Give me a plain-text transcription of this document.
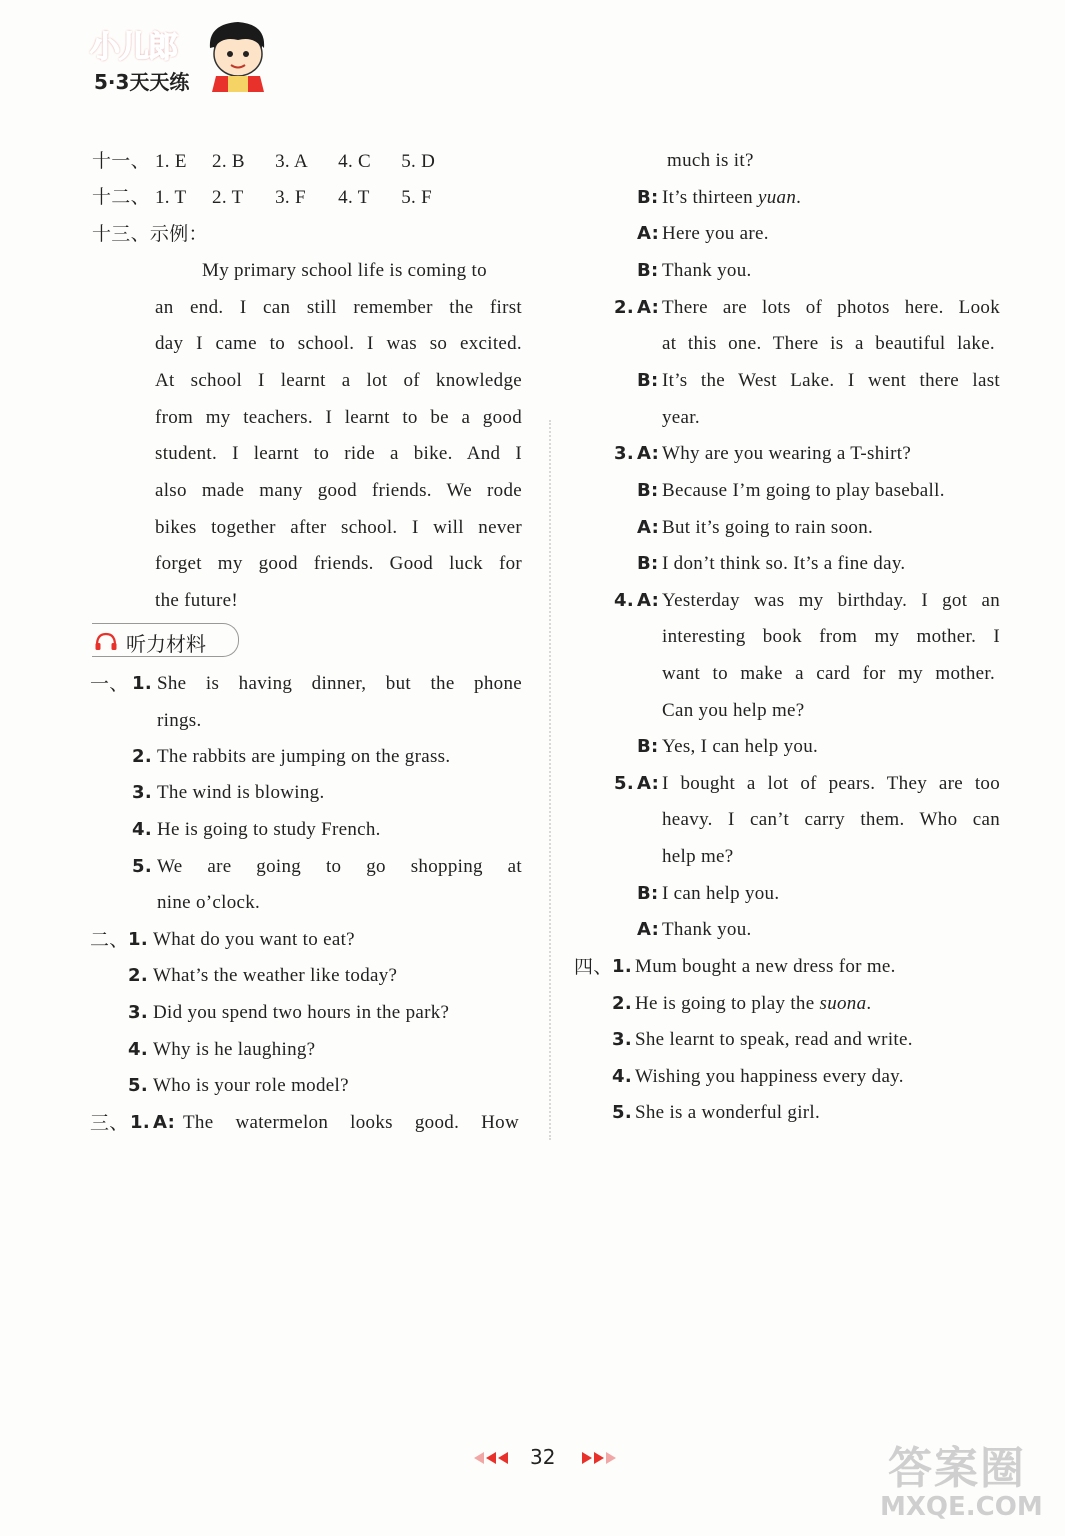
小儿郎
5·3天天练
十一、 1. E 2. B 3. A 4. C 5. D
十二、 1. T 2. T 3. F 4. T 5. F
十三、示例：
My primary school life is coming to
an end. I can still remember the first
day I came to school. I was so excited.
At school I learnt a lot of knowledge
from my teachers. I learnt to be a good
student. I learnt to ride a bike. And I
also made many good friends. We rode
bikes together after school. I will never
forget my good friends. Good luck for
the future!
听力材料
一、 1. She is having dinner, but the phone
rings.
2. The rabbits are jumping on the grass.
3. The wind is blowing.
4. He is going to study French.
5. We are going to go shopping at
nine o’clock.
二、 1. What do you want to eat?
2. What’s the weather like today?
3. Did you spend two hours in the park?
4. Why is he laughing?
5. Who is your role model?
三、 1. A: The watermelon looks good. How
much is it?
B: It’s thirteen yuan.
A: Here you are.
B: Thank you.
2. A: There are lots of photos here. Look
at this one. There is a beautiful lake.
B: It’s the West Lake. I went there last
year.
3. A: Why are you wearing a T-shirt?
B: Because I’m going to play baseball.
A: But it’s going to rain soon.
B: I don’t think so. It’s a fine day.
4. A: Yesterday was my birthday. I got an
interesting book from my mother. I
want to make a card for my mother.
Can you help me?
B: Yes, I can help you.
5. A: I bought a lot of pears. They are too
heavy. I can’t carry them. Who can
help me?
B: I can help you.
A: Thank you.
四、 1. Mum bought a new dress for me.
2. He is going to play the suona.
3. She learnt to speak, read and write.
4. Wishing you happiness every day.
5. She is a wonderful girl.
32	答案圈
MXQE.COM
